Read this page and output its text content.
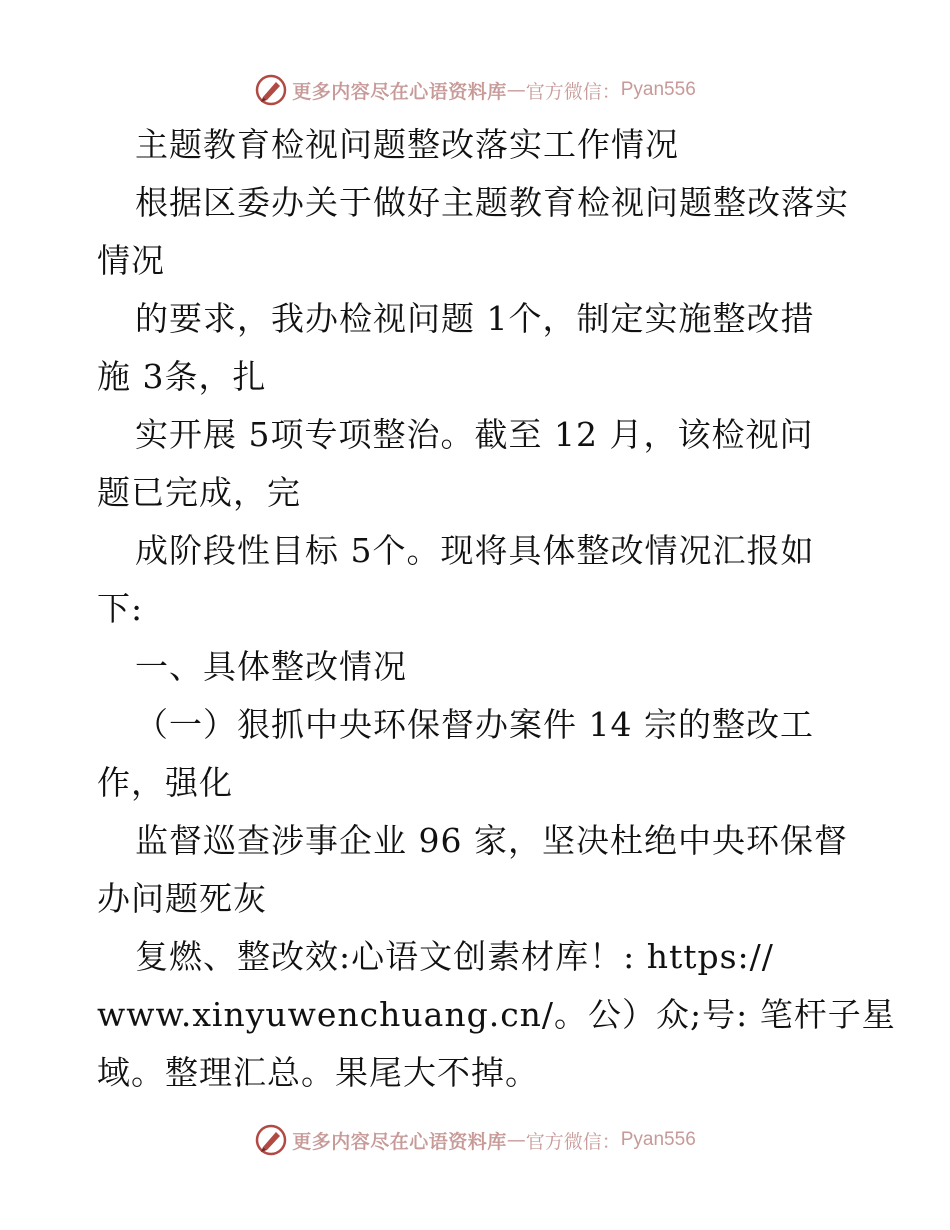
更多内容尽在心语资料库 — 官方微信： Pyan556
主题教育检视问题整改落实工作情况
根据区委办关于做好主题教育检视问题整改落实
情况
的要求，我办检视问题 1个，制定实施整改措
施 3条，扎
实开展 5项专项整治。截至 12 月，该检视问
题已完成，完
成阶段性目标 5个。现将具体整改情况汇报如
下:
一、具体整改情况
（一）狠抓中央环保督办案件 14 宗的整改工
作，强化
监督巡查涉事企业 96 家，坚决杜绝中央环保督
办问题死灰
复燃、整改效:心语文创素材库！: https://
www.xinyuwenchuang.cn/。公）众;号: 笔杆子星
域。整理汇总。果尾大不掉。
更多内容尽在心语资料库 — 官方微信： Pyan556
